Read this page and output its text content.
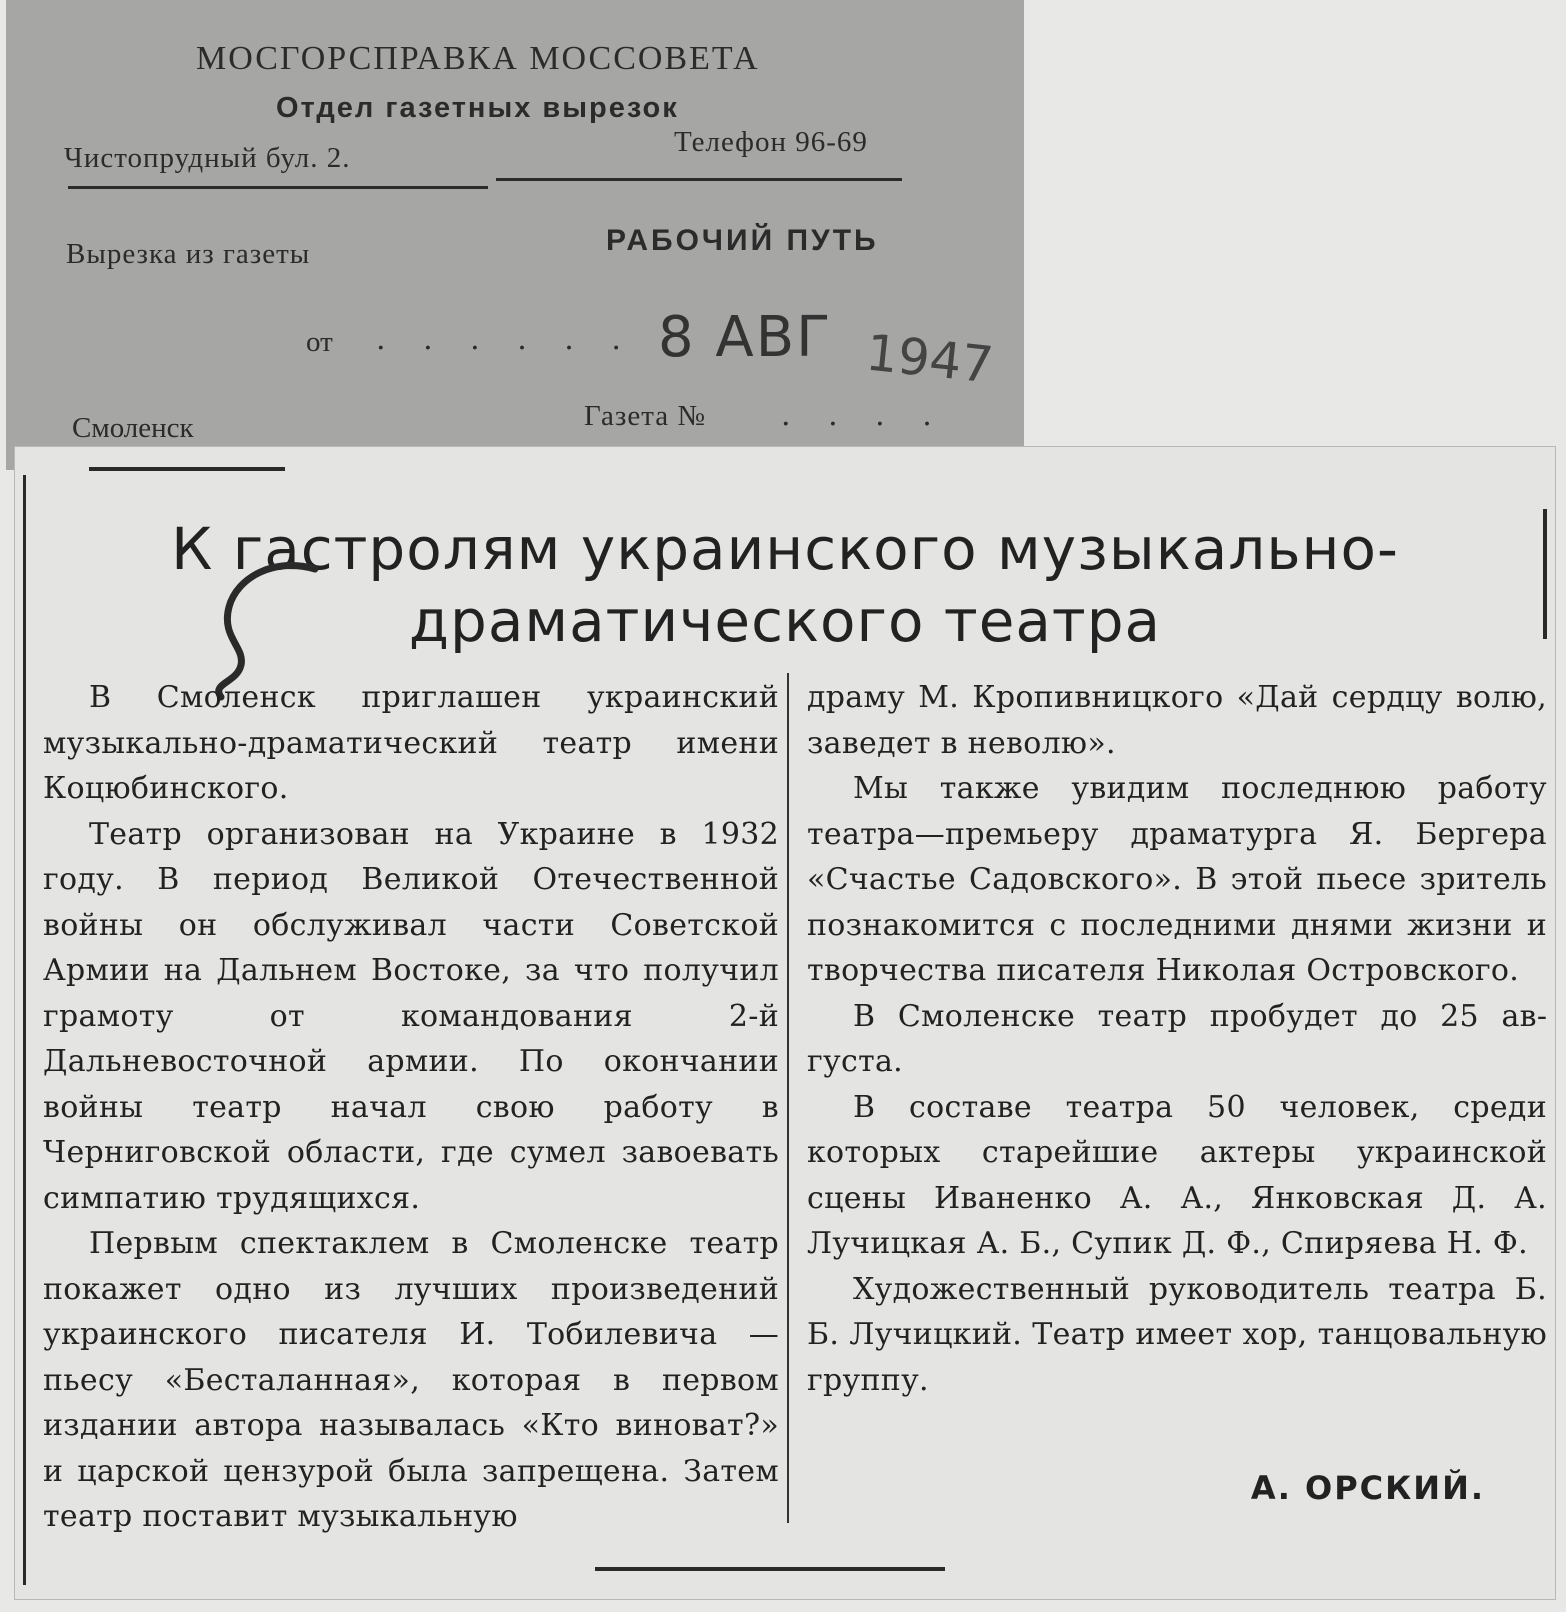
МОСГОРСПРАВКА МОССОВЕТА
Отдел газетных вырезок
Чистопрудный бул. 2.	Телефон 96-69
Вырезка из газеты	РАБОЧИЙ ПУТЬ
от . . . . . . 8 АВГ 1947
Смоленск	Газета № . . . .
К гастролям украинского музыкально-
драматического театра

В Смоленск приглашен украинский музыкально-драматический театр имени Коцюбинского.

Театр организован на Украине в 1932 году. В период Великой Отечественной войны он обслуживал части Советской Армии на Дальнем Востоке, за что получил грамоту от командования 2-й Дальневосточной армии. По окончании войны театр начал свою работу в Черниговской области, где сумел завоевать симпатию трудящихся.

Первым спектаклем в Смоленске театр покажет одно из лучших произведений украинского писателя И. Тобилевича — пьесу «Бесталанная», которая в первом издании автора называлась «Кто виноват?» и царской цензурой была запрещена. Затем театр поставит музыкальную

драму М. Кропивницкого «Дай сердцу волю, заведет в неволю».

Мы также увидим последнюю работу театра—премьеру драматурга Я. Бергера «Счастье Садовского». В этой пьесе зритель познакомится с последними днями жизни и творчества писателя Николая Островского.

В Смоленске театр пробудет до 25 августа.

В составе театра 50 человек, среди которых старейшие актеры украинской сцены Иваненко А. А., Янковская Д. А. Лучицкая А. Б., Супик Д. Ф., Спиряева Н. Ф.

Художественный руководитель театра Б. Б. Лучицкий. Театр имеет хор, танцовальную группу.

А. ОРСКИЙ.
